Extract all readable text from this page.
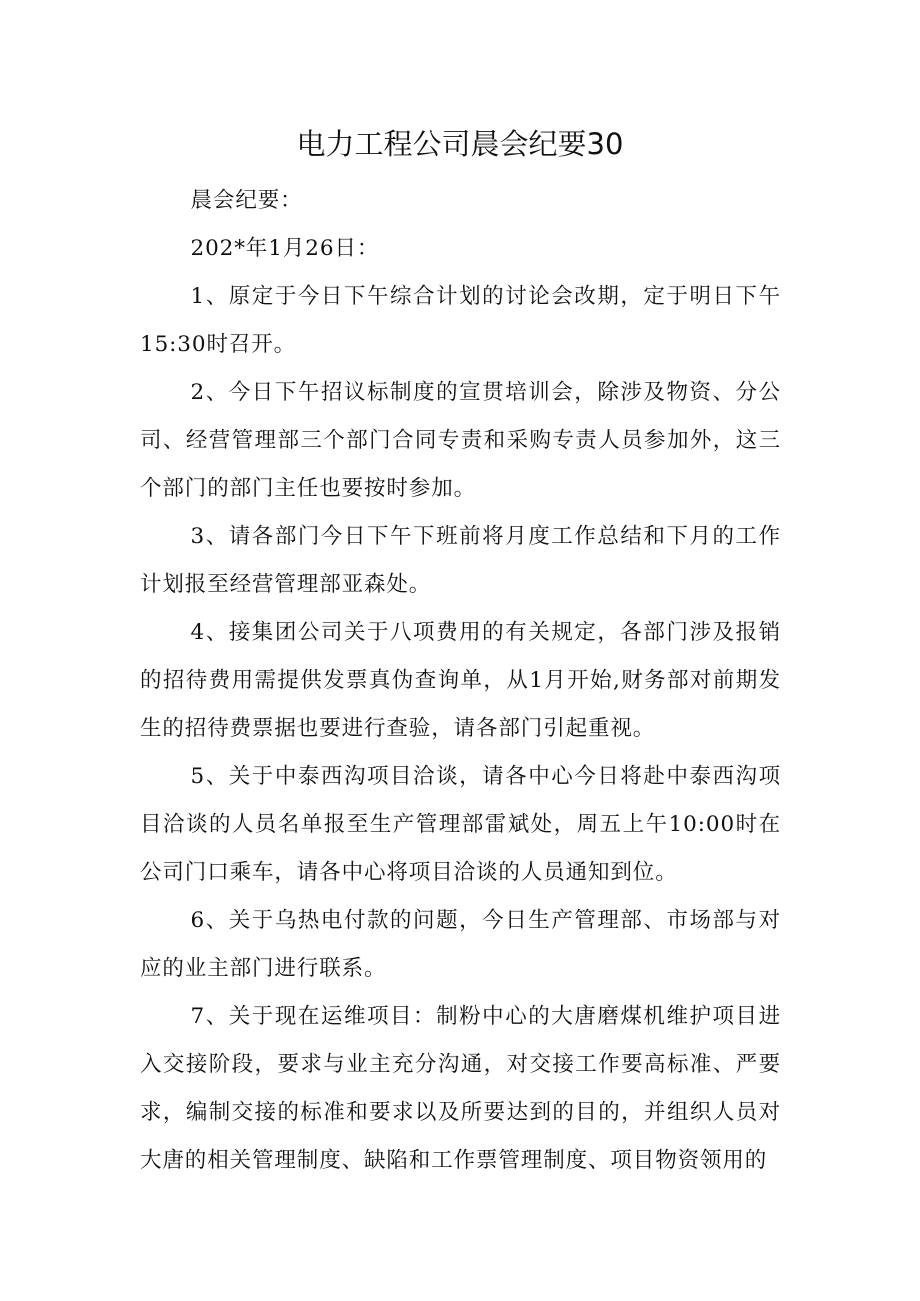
电力工程公司晨会纪要30

晨会纪要：

202*年1月26日：

1、原定于今日下午综合计划的讨论会改期，定于明日下午15:30时召开。

2、今日下午招议标制度的宣贯培训会，除涉及物资、分公司、经营管理部三个部门合同专责和采购专责人员参加外，这三个部门的部门主任也要按时参加。

3、请各部门今日下午下班前将月度工作总结和下月的工作计划报至经营管理部亚森处。

4、接集团公司关于八项费用的有关规定，各部门涉及报销的招待费用需提供发票真伪查询单，从1月开始,财务部对前期发生的招待费票据也要进行查验，请各部门引起重视。

5、关于中泰西沟项目洽谈，请各中心今日将赴中泰西沟项目洽谈的人员名单报至生产管理部雷斌处，周五上午10:00时在公司门口乘车，请各中心将项目洽谈的人员通知到位。

6、关于乌热电付款的问题，今日生产管理部、市场部与对应的业主部门进行联系。

7、关于现在运维项目：制粉中心的大唐磨煤机维护项目进入交接阶段，要求与业主充分沟通，对交接工作要高标准、严要求，编制交接的标准和要求以及所要达到的目的，并组织人员对大唐的相关管理制度、缺陷和工作票管理制度、项目物资领用的
